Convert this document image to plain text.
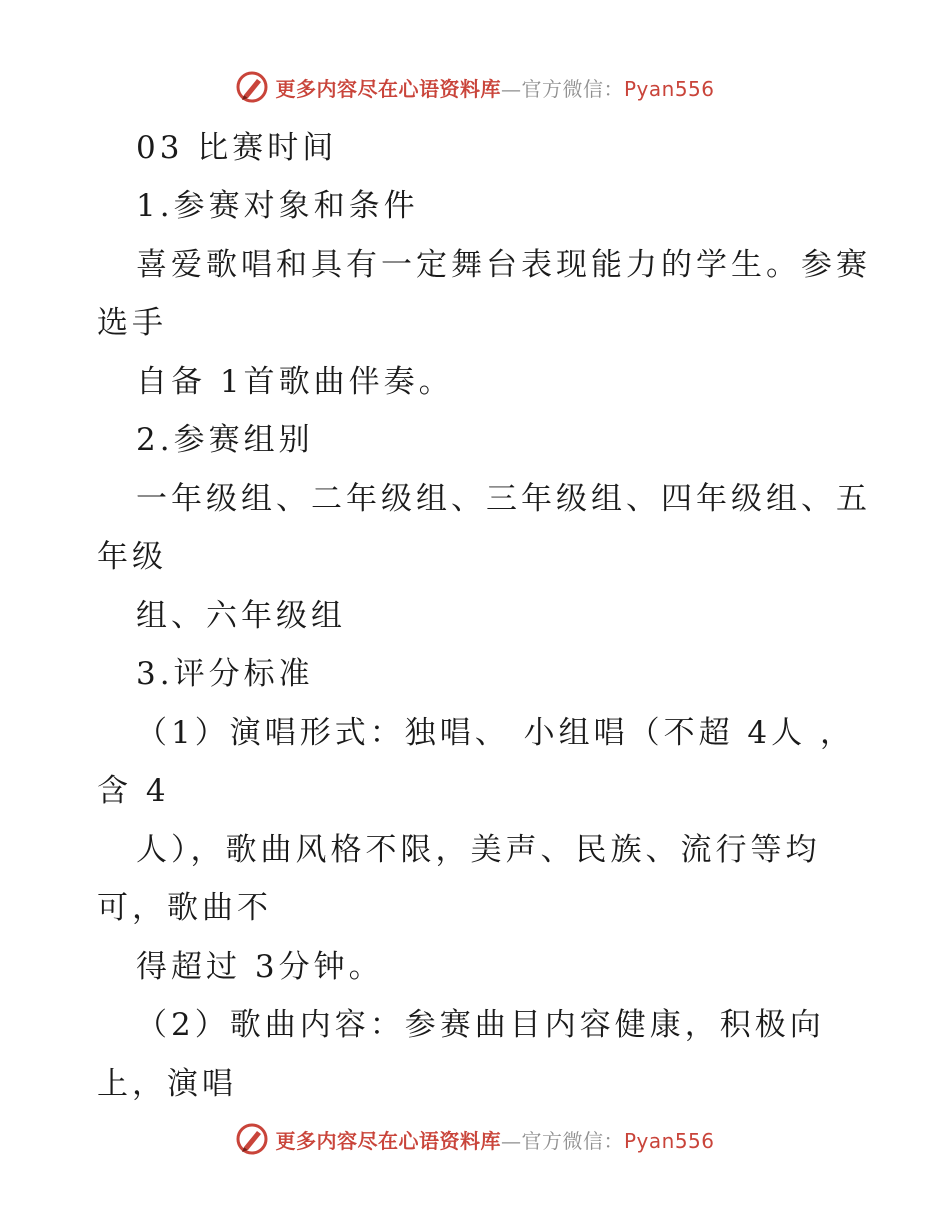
更多内容尽在心语资料库—官方微信：Pyan556
03 比赛时间
1.参赛对象和条件
喜爱歌唱和具有一定舞台表现能力的学生。参赛
选手
自备 1首歌曲伴奏。
2.参赛组别
一年级组、二年级组、三年级组、四年级组、五
年级
组、六年级组
3.评分标准
（1）演唱形式：独唱、 小组唱（不超 4人 ，
含 4
人），歌曲风格不限，美声、民族、流行等均
可，歌曲不
得超过 3分钟。
（2）歌曲内容：参赛曲目内容健康，积极向
上，演唱
更多内容尽在心语资料库—官方微信：Pyan556
